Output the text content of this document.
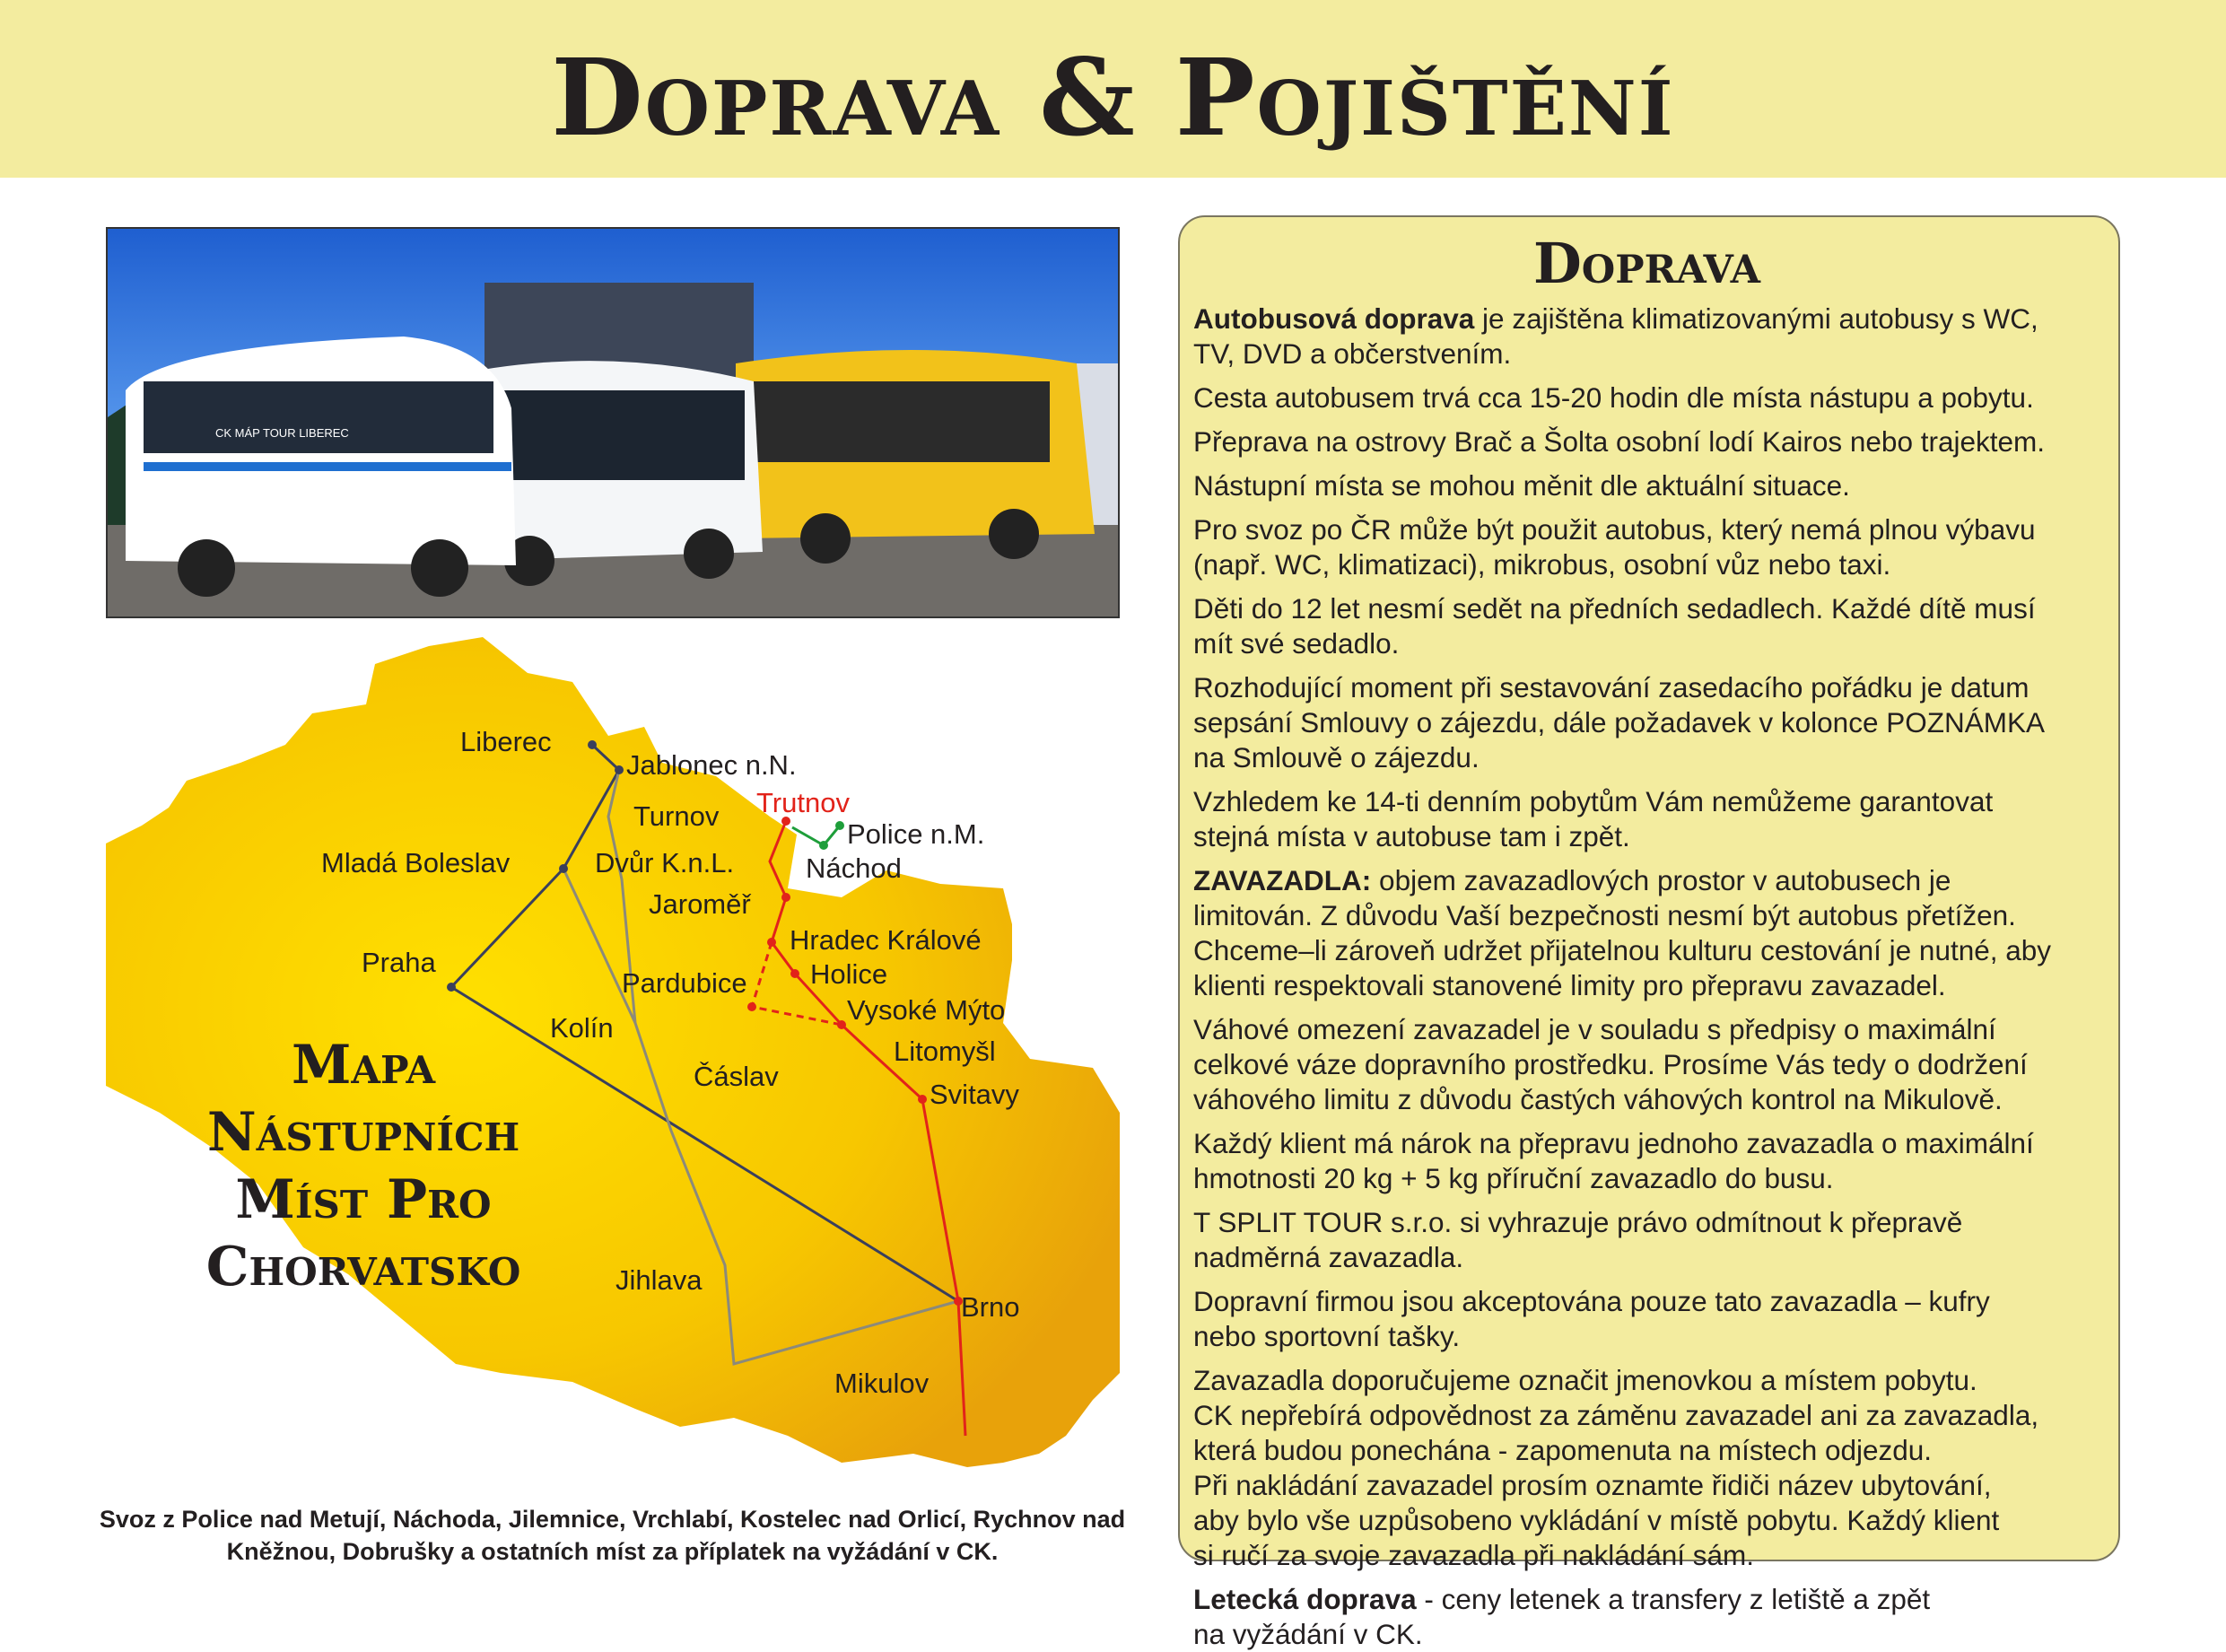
Doprava & Pojištění
CK MÁP TOUR LIBEREC
Liberec
Jablonec n.N.
Trutnov
Turnov
Police n.M.
Mladá Boleslav	Dvůr K.n.L.	Náchod
Jaroměř
Hradec Králové
Praha	Holice
Pardubice
Vysoké Mýto
Kolín
Litomyšl
Čáslav
Svitavy
Jihlava
Brno
Mikulov
Mapa
Nástupních
Míst Pro
Chorvatsko
Svoz z Police nad Metují, Náchoda, Jilemnice, Vrchlabí, Kostelec nad Orlicí, Rychnov nad Kněžnou, Dobrušky a ostatních míst za příplatek na vyžádání v CK.
Doprava

Autobusová doprava je zajištěna klimatizovanými autobusy s WC,
TV, DVD a občerstvením.

Cesta autobusem trvá cca 15-20 hodin dle místa nástupu a pobytu.

Přeprava na ostrovy Brač a Šolta osobní lodí Kairos nebo trajektem.

Nástupní místa se mohou měnit dle aktuální situace.

Pro svoz po ČR může být použit autobus, který nemá plnou výbavu
(např. WC, klimatizaci), mikrobus, osobní vůz nebo taxi.

Děti do 12 let nesmí sedět na předních sedadlech. Každé dítě musí
mít své sedadlo.

Rozhodující moment při sestavování zasedacího pořádku je datum
sepsání Smlouvy o zájezdu, dále požadavek v kolonce POZNÁMKA
na Smlouvě o zájezdu.

Vzhledem ke 14-ti denním pobytům Vám nemůžeme garantovat
stejná místa v autobuse tam i zpět.

ZAVAZADLA: objem zavazadlových prostor v autobusech je
limitován. Z důvodu Vaší bezpečnosti nesmí být autobus přetížen.
Chceme–li zároveň udržet přijatelnou kulturu cestování je nutné, aby
klienti respektovali stanovené limity pro přepravu zavazadel.

Váhové omezení zavazadel je v souladu s předpisy o maximální
celkové váze dopravního prostředku. Prosíme Vás tedy o dodržení
váhového limitu z důvodu častých váhových kontrol na Mikulově.

Každý klient má nárok na přepravu jednoho zavazadla o maximální
hmotnosti 20 kg + 5 kg příruční zavazadlo do busu.

T SPLIT TOUR s.r.o. si vyhrazuje právo odmítnout k přepravě
nadměrná zavazadla.

Dopravní firmou jsou akceptována pouze tato zavazadla – kufry
nebo sportovní tašky.

Zavazadla doporučujeme označit jmenovkou a místem pobytu.
CK nepřebírá odpovědnost za záměnu zavazadel ani za zavazadla,
která budou ponechána - zapomenuta na místech odjezdu.
Při nakládání zavazadel prosím oznamte řidiči název ubytování,
aby bylo vše uzpůsobeno vykládání v místě pobytu. Každý klient
si ručí za svoje zavazadla při nakládání sám.

Letecká doprava - ceny letenek a transfery z letiště a zpět
na vyžádání v CK.
